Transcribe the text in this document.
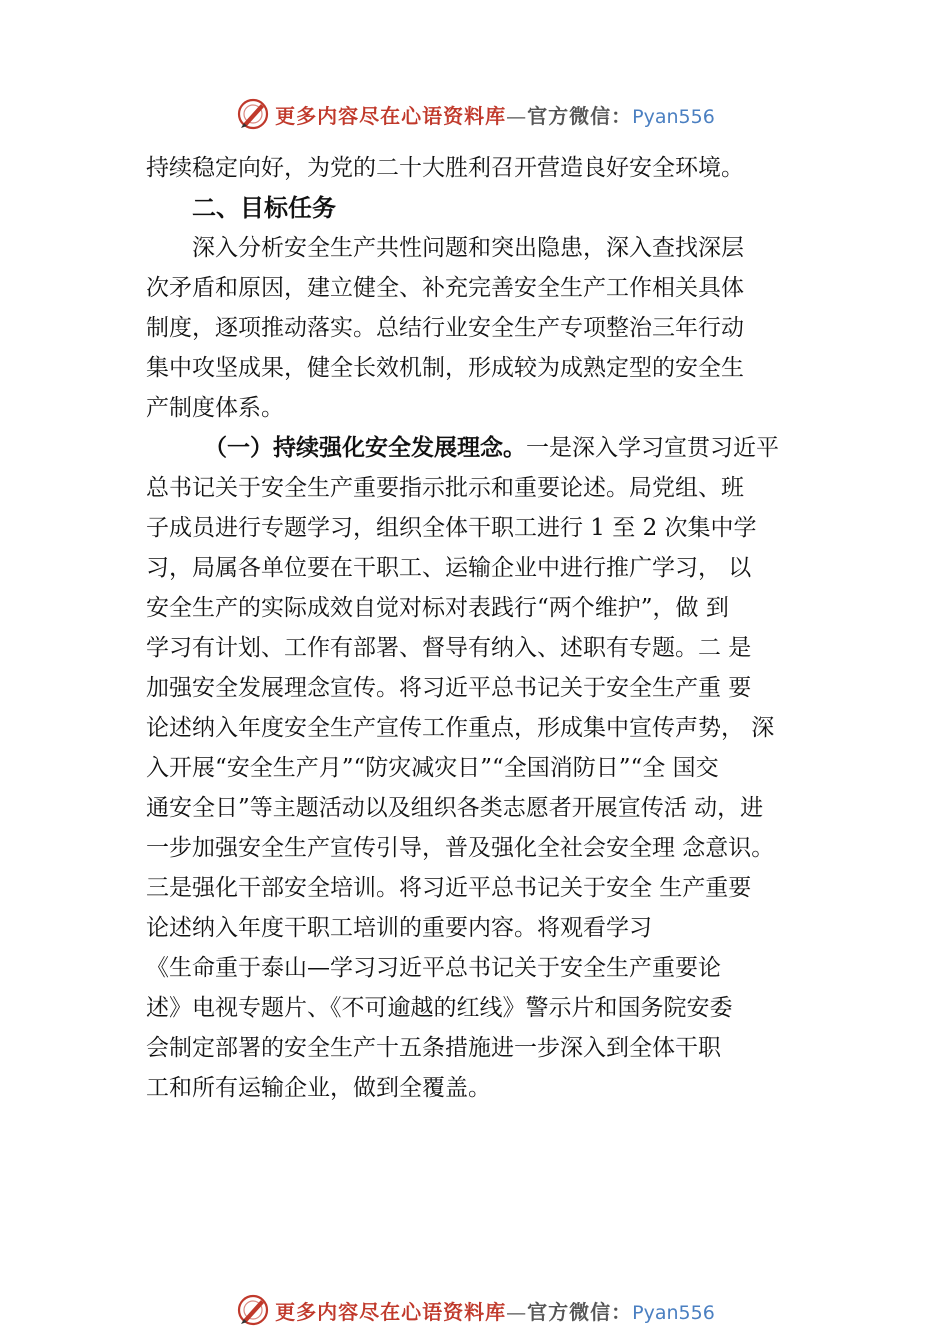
更多内容尽在心语资料库—官方微信：Pyan556
持续稳定向好，为党的二十大胜利召开营造良好安全环境。
二、目标任务
深入分析安全生产共性问题和突出隐患，深入查找深层
次矛盾和原因，建立健全、补充完善安全生产工作相关具体
制度，逐项推动落实。总结行业安全生产专项整治三年行动
集中攻坚成果，健全长效机制，形成较为成熟定型的安全生
产制度体系。
（一）持续强化安全发展理念。一是深入学习宣贯习近平
总书记关于安全生产重要指示批示和重要论述。局党组、班
子成员进行专题学习，组织全体干职工进行 1 至 2 次集中学
习，局属各单位要在干职工、运输企业中进行推广学习， 以
安全生产的实际成效自觉对标对表践行“两个维护”，做 到
学习有计划、工作有部署、督导有纳入、述职有专题。二 是
加强安全发展理念宣传。将习近平总书记关于安全生产重 要
论述纳入年度安全生产宣传工作重点，形成集中宣传声势， 深
入开展“安全生产月”“防灾减灾日”“全国消防日”“全 国交
通安全日”等主题活动以及组织各类志愿者开展宣传活 动，进
一步加强安全生产宣传引导，普及强化全社会安全理 念意识。
三是强化干部安全培训。将习近平总书记关于安全 生产重要
论述纳入年度干职工培训的重要内容。将观看学习
《生命重于泰山—学习习近平总书记关于安全生产重要论
述》电视专题片、《不可逾越的红线》警示片和国务院安委
会制定部署的安全生产十五条措施进一步深入到全体干职
工和所有运输企业，做到全覆盖。
更多内容尽在心语资料库—官方微信：Pyan556
